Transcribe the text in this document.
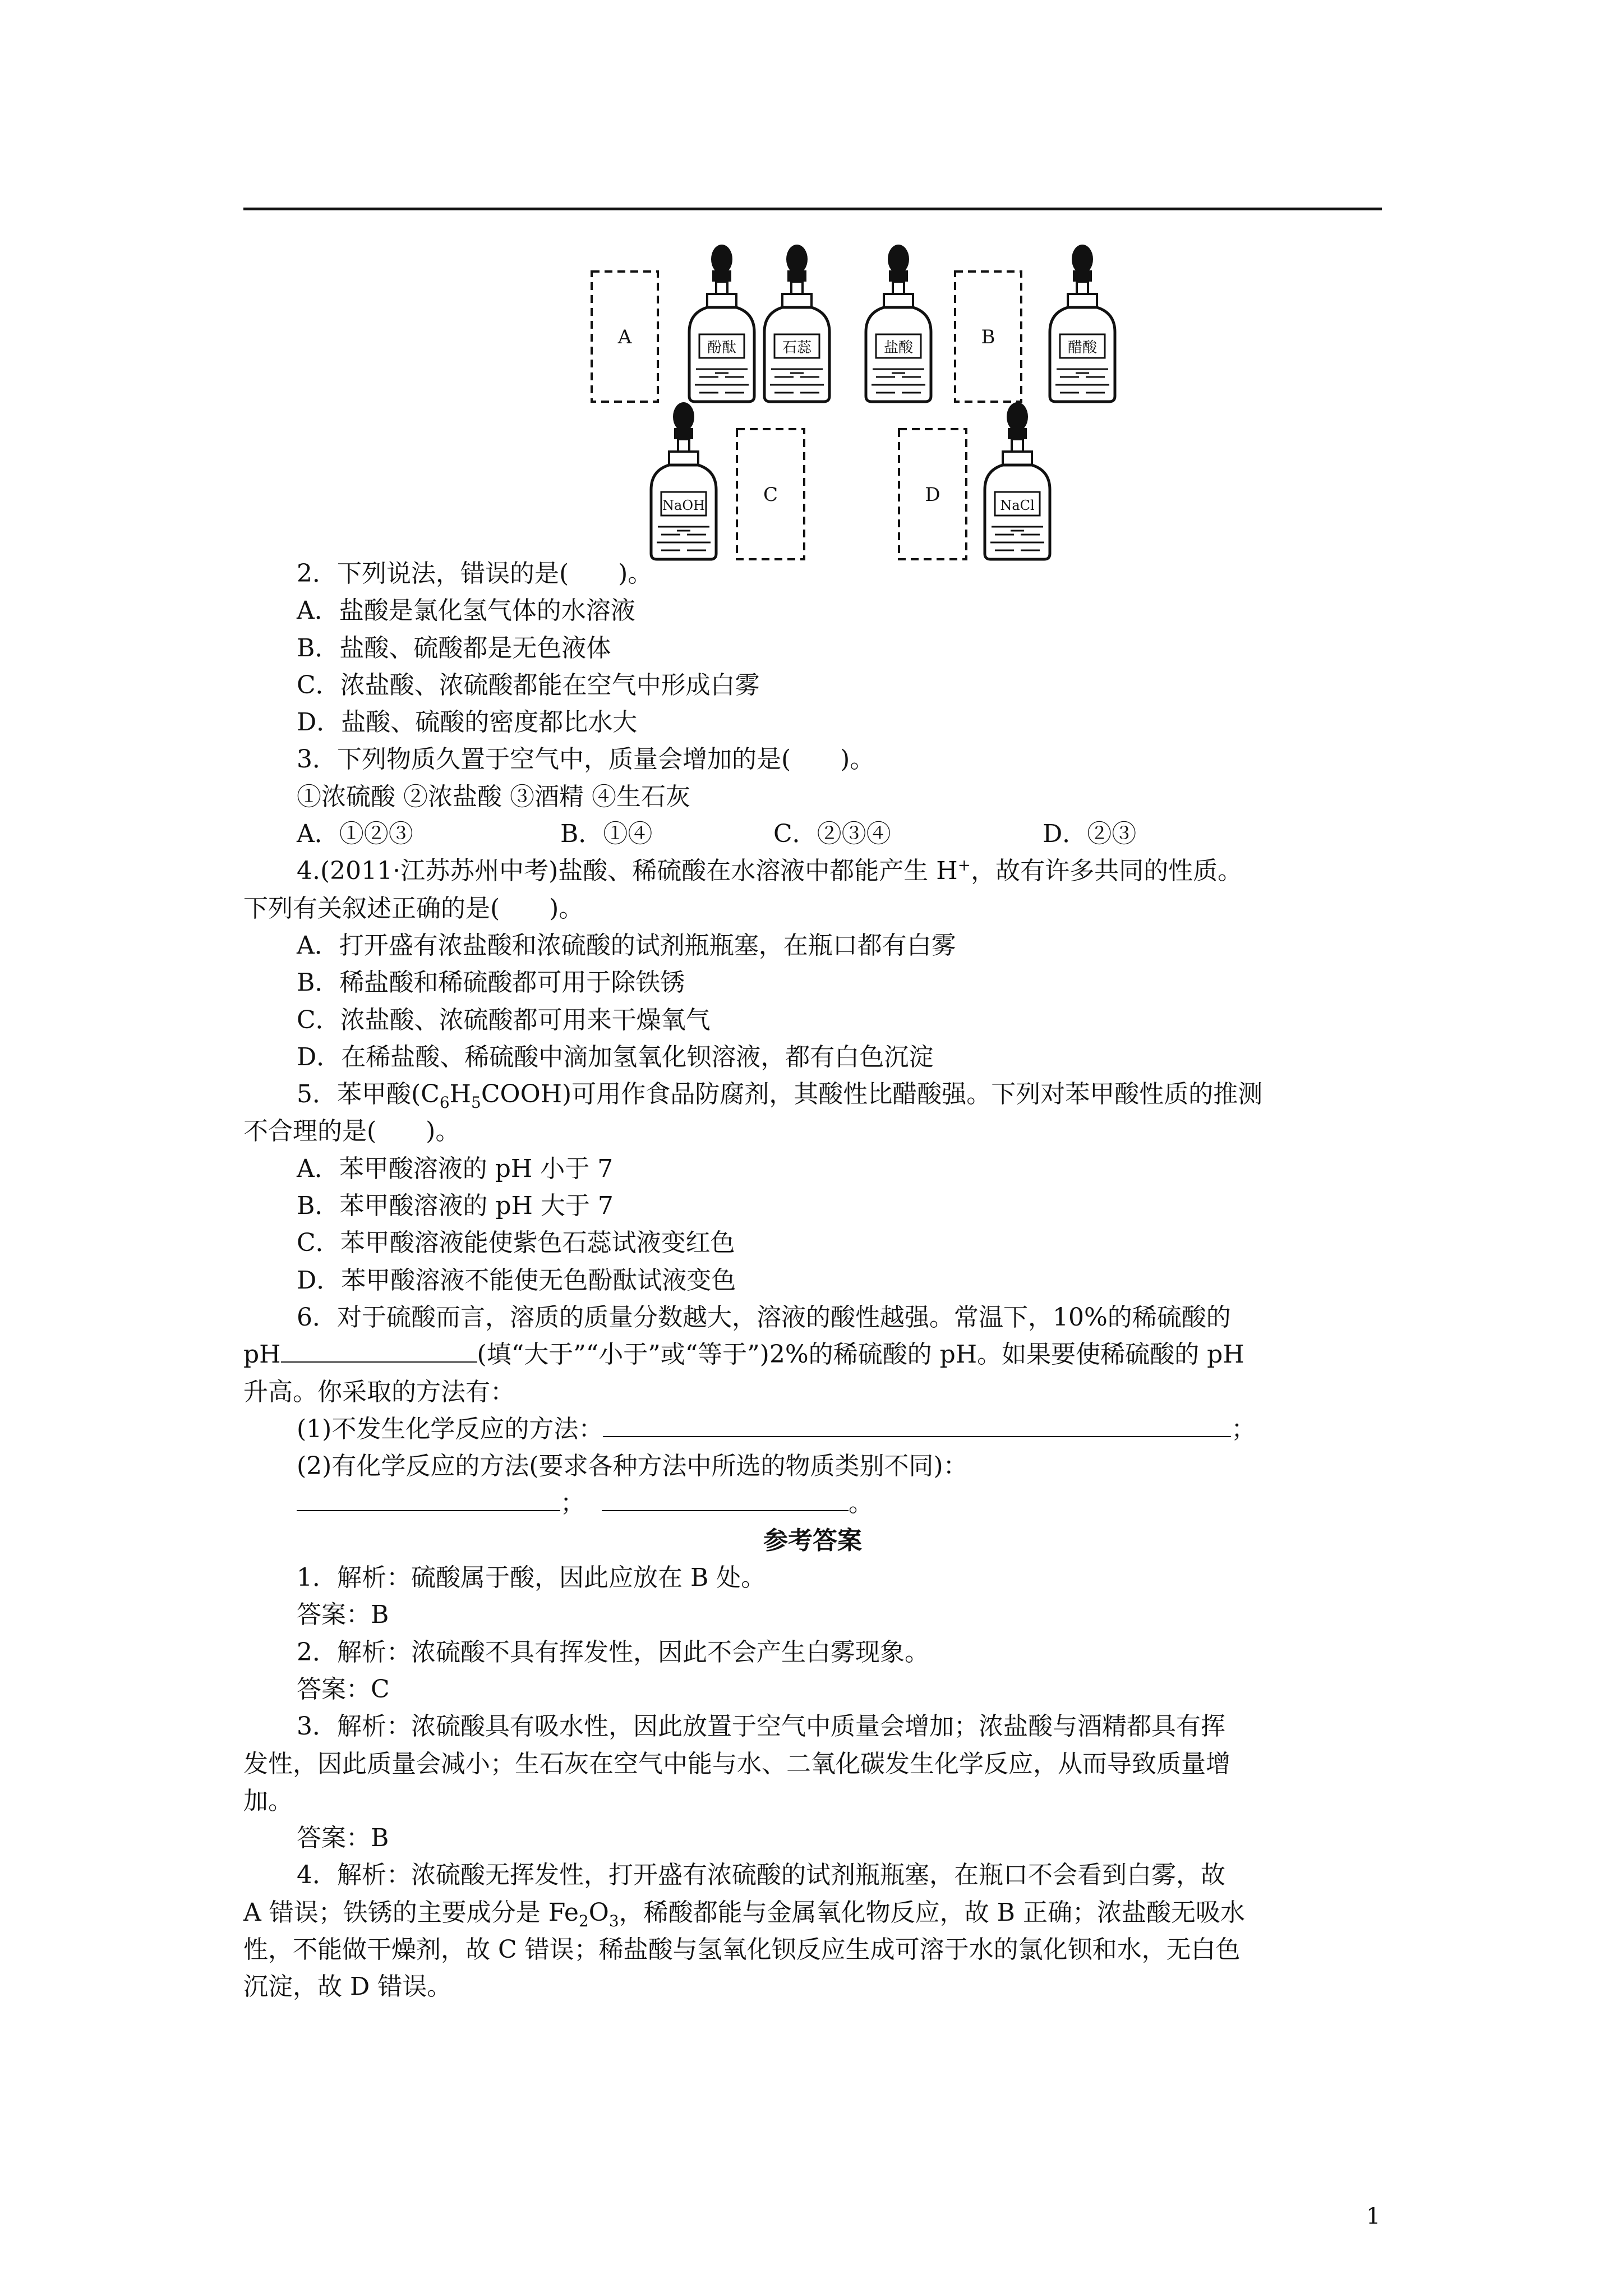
A	B
C	D
酚酞	石蕊	盐酸	醋酸
NaOH	NaCl
2．下列说法，错误的是(　　)。
A．盐酸是氯化氢气体的水溶液
B．盐酸、硫酸都是无色液体
C．浓盐酸、浓硫酸都能在空气中形成白雾
D．盐酸、硫酸的密度都比水大
3．下列物质久置于空气中，质量会增加的是(　　)。
①浓硫酸 ②浓盐酸 ③酒精 ④生石灰
A．①②③	B．①④	C．②③④	D．②③
4.(2011·江苏苏州中考)盐酸、稀硫酸在水溶液中都能产生 H+，故有许多共同的性质。
下列有关叙述正确的是(　　)。
A．打开盛有浓盐酸和浓硫酸的试剂瓶瓶塞，在瓶口都有白雾
B．稀盐酸和稀硫酸都可用于除铁锈
C．浓盐酸、浓硫酸都可用来干燥氧气
D．在稀盐酸、稀硫酸中滴加氢氧化钡溶液，都有白色沉淀
5．苯甲酸$(C_6H_5COOH)$可用作食品防腐剂，其酸性比醋酸强。下列对苯甲酸性质的推测
不合理的是(　　)。
A．苯甲酸溶液的 pH 小于 7
B．苯甲酸溶液的 pH 大于 7
C．苯甲酸溶液能使紫色石蕊试液变红色
D．苯甲酸溶液不能使无色酚酞试液变色
6．对于硫酸而言，溶质的质量分数越大，溶液的酸性越强。常温下，10%的稀硫酸的
pH	(填“大于”“小于”或“等于”)2%的稀硫酸的 pH。如果要使稀硫酸的 pH
升高。你采取的方法有：
(1)不发生化学反应的方法：	；
(2)有化学反应的方法(要求各种方法中所选的物质类别不同)：
；	。
参考答案
1．解析：硫酸属于酸，因此应放在 B 处。
答案：B
2．解析：浓硫酸不具有挥发性，因此不会产生白雾现象。
答案：C
3．解析：浓硫酸具有吸水性，因此放置于空气中质量会增加；浓盐酸与酒精都具有挥
发性，因此质量会减小；生石灰在空气中能与水、二氧化碳发生化学反应，从而导致质量增
加。
答案：B
4．解析：浓硫酸无挥发性，打开盛有浓硫酸的试剂瓶瓶塞，在瓶口不会看到白雾，故
A 错误；铁锈的主要成分是 $Fe_2O_3$，稀酸都能与金属氧化物反应，故 B 正确；浓盐酸无吸水
性，不能做干燥剂，故 C 错误；稀盐酸与氢氧化钡反应生成可溶于水的氯化钡和水，无白色
沉淀，故 D 错误。
1
